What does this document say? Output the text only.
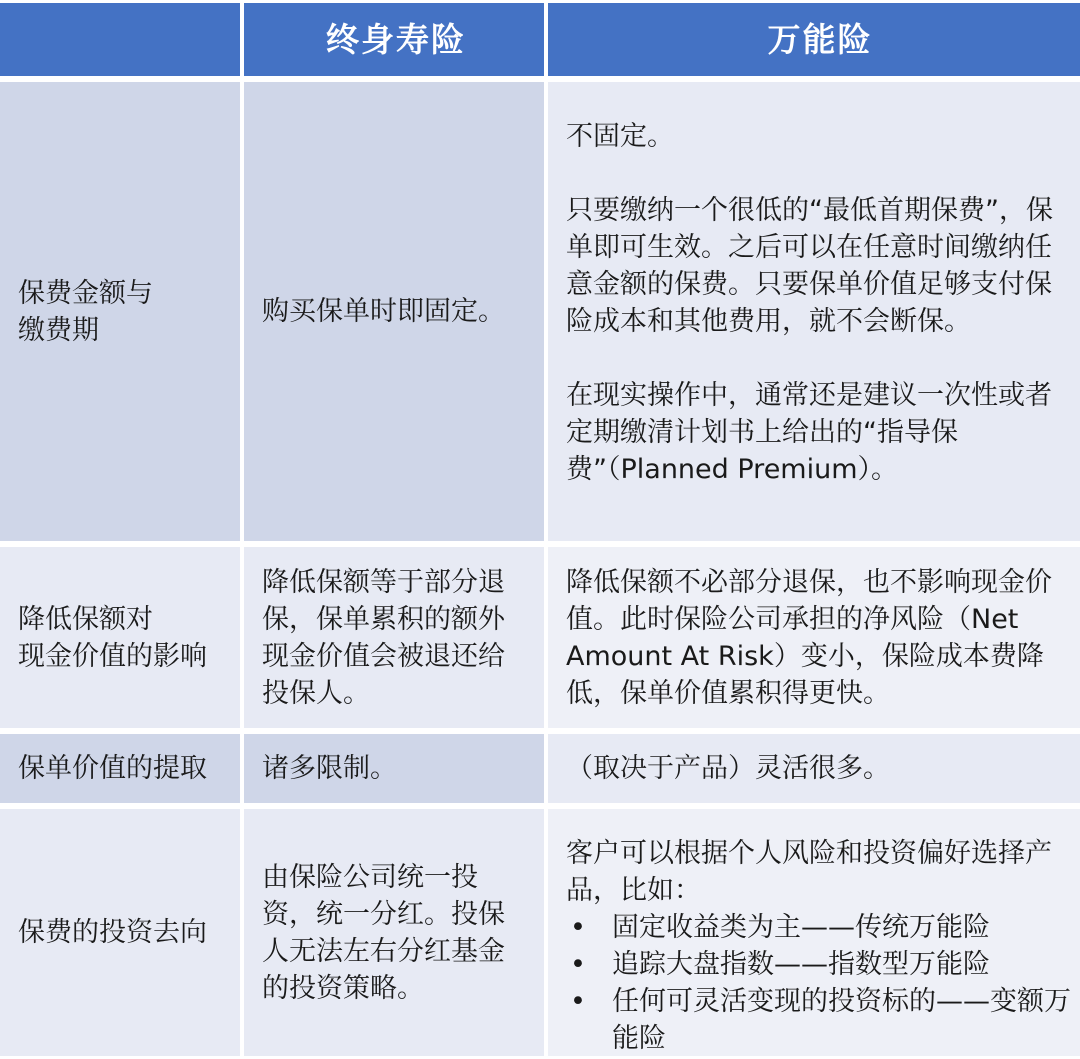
终身寿险	万能险
保费金额与
缴费期
购买保单时即固定。

不固定。

只要缴纳一个很低的“最低首期保费”，保单即可生效。之后可以在任意时间缴纳任意金额的保费。只要保单价值足够支付保险成本和其他费用，就不会断保。

在现实操作中，通常还是建议一次性或者定期缴清计划书上给出的“指导保费”（Planned Premium）。

降低保额对
现金价值的影响
降低保额等于部分退保，保单累积的额外现金价值会被退还给投保人。
降低保额不必部分退保，也不影响现金价值。此时保险公司承担的净风险（Net Amount At Risk）变小，保险成本费降低，保单价值累积得更快。
保单价值的提取 诸多限制。	（取决于产品）灵活很多。
保费的投资去向
由保险公司统一投资，统一分红。投保人无法左右分红基金的投资策略。

客户可以根据个人风险和投资偏好选择产品，比如：

• 固定收益类为主——传统万能险
• 追踪大盘指数——指数型万能险
• 任何可灵活变现的投资标的——变额万能险
